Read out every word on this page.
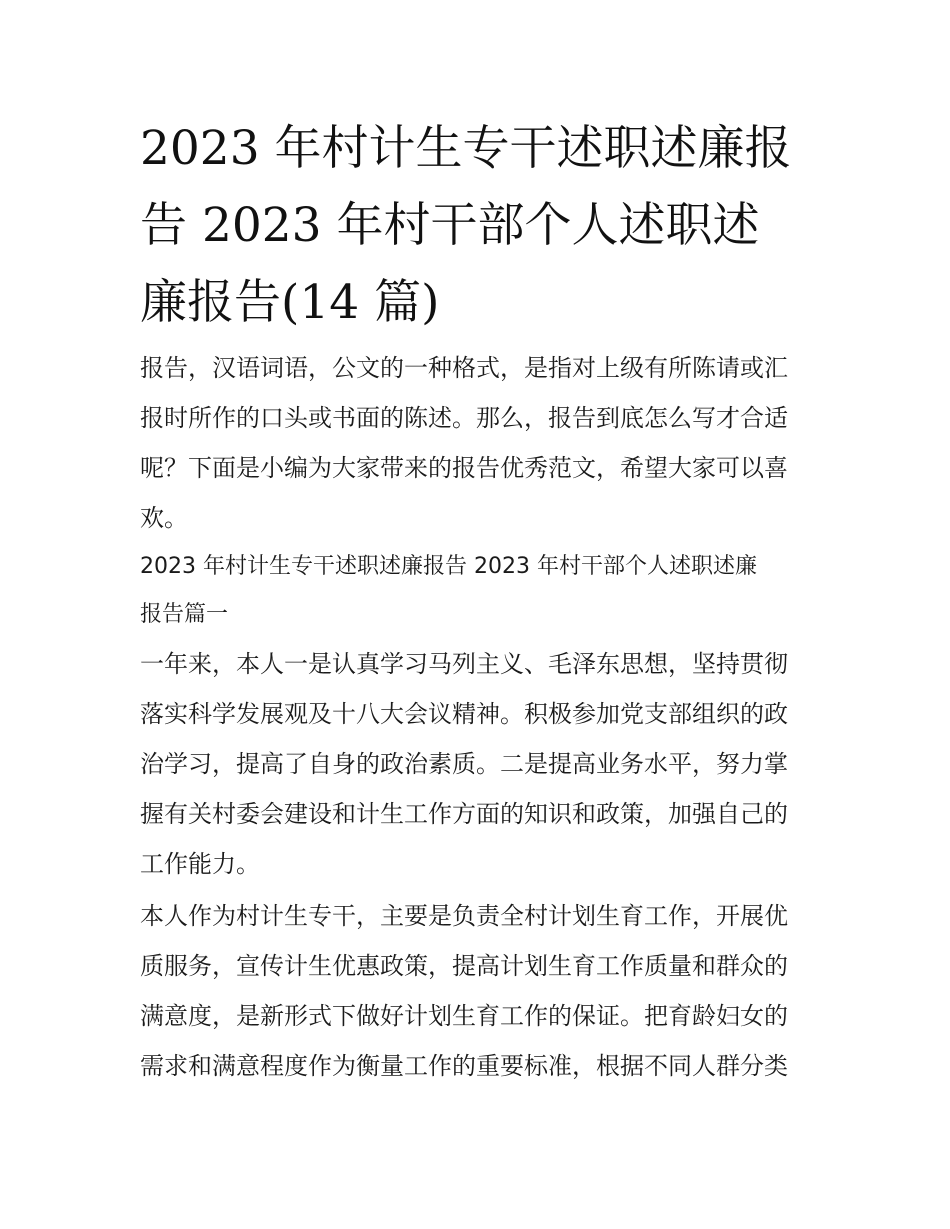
2023 年村计生专干述职述廉报
告 2023 年村干部个人述职述
廉报告(14 篇)

报告，汉语词语，公文的一种格式，是指对上级有所陈请或汇
报时所作的口头或书面的陈述。那么，报告到底怎么写才合适
呢？下面是小编为大家带来的报告优秀范文，希望大家可以喜
欢。

2023 年村计生专干述职述廉报告 2023 年村干部个人述职述廉
报告篇一

一年来，本人一是认真学习马列主义、毛泽东思想，坚持贯彻
落实科学发展观及十八大会议精神。积极参加党支部组织的政
治学习，提高了自身的政治素质。二是提高业务水平，努力掌
握有关村委会建设和计生工作方面的知识和政策，加强自己的
工作能力。

本人作为村计生专干，主要是负责全村计划生育工作，开展优
质服务，宣传计生优惠政策，提高计划生育工作质量和群众的
满意度，是新形式下做好计划生育工作的保证。把育龄妇女的
需求和满意程度作为衡量工作的重要标准，根据不同人群分类
